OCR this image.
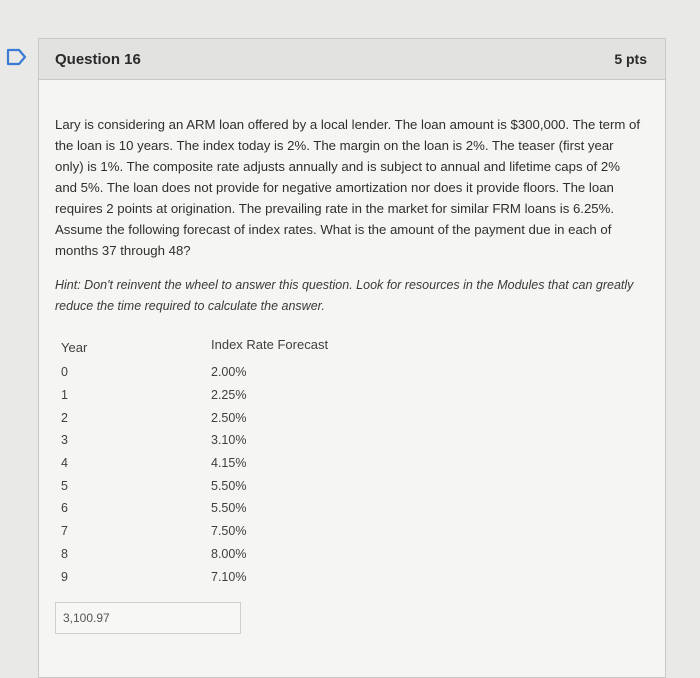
Question 16	5 pts

Lary is considering an ARM loan offered by a local lender. The loan amount is $300,000. The term of the loan is 10 years. The index today is 2%. The margin on the loan is 2%. The teaser (first year only) is 1%. The composite rate adjusts annually and is subject to annual and lifetime caps of 2% and 5%. The loan does not provide for negative amortization nor does it provide floors. The loan requires 2 points at origination. The prevailing rate in the market for similar FRM loans is 6.25%. Assume the following forecast of index rates. What is the amount of the payment due in each of months 37 through 48?

Hint: Don't reinvent the wheel to answer this question. Look for resources in the Modules that can greatly reduce the time required to calculate the answer.

Year	Index Rate Forecast
0	2.00%
1	2.25%
2	2.50%
3	3.10%
4	4.15%
5	5.50%
6	5.50%
7	7.50%
8	8.00%
9	7.10%
3,100.97
